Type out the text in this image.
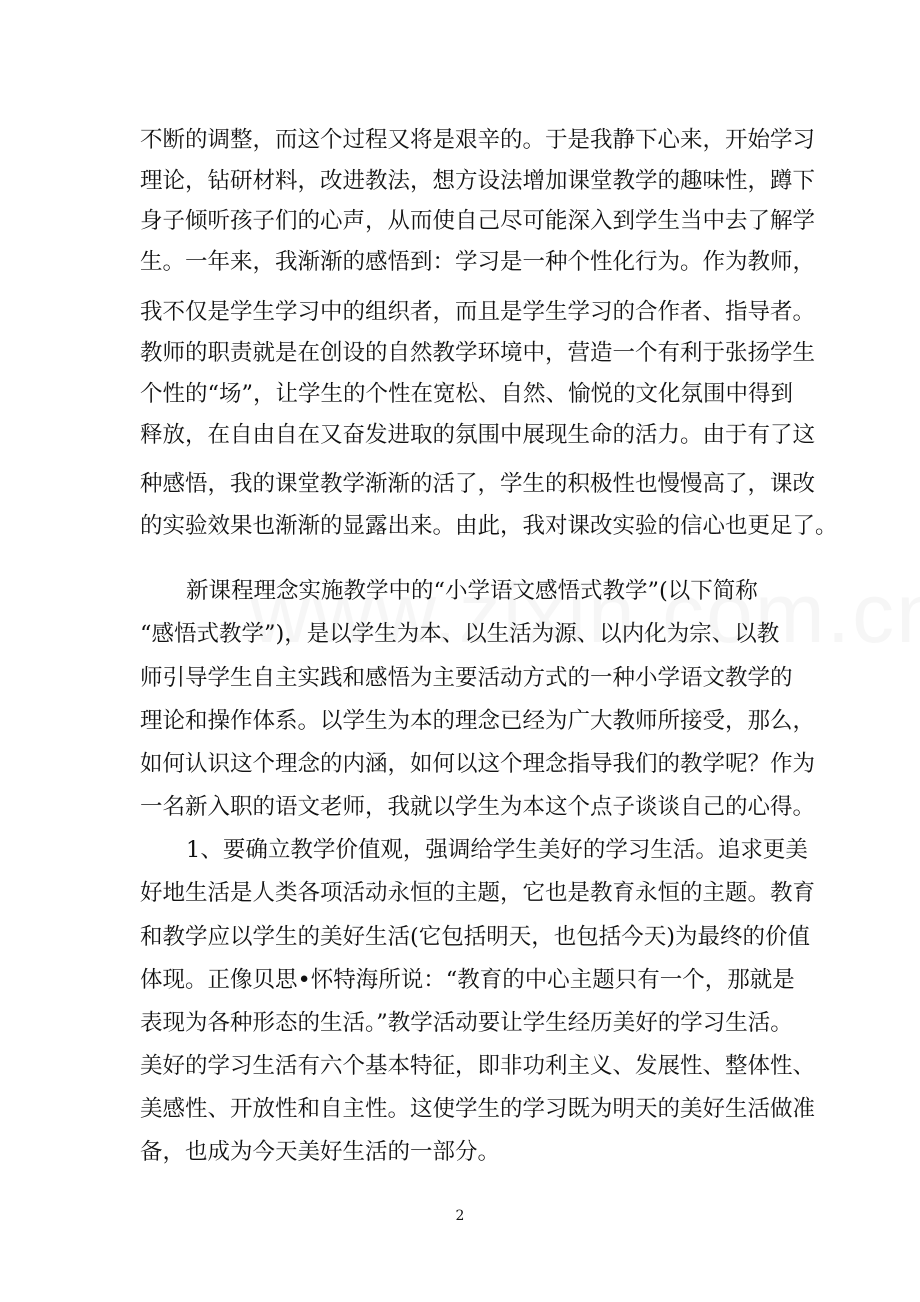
不断的调整，而这个过程又将是艰辛的。于是我静下心来，开始学习
理论，钻研材料，改进教法，想方设法增加课堂教学的趣味性，蹲下
身子倾听孩子们的心声，从而使自己尽可能深入到学生当中去了解学
生。一年来，我渐渐的感悟到：学习是一种个性化行为。作为教师，
我不仅是学生学习中的组织者，而且是学生学习的合作者、指导者。
教师的职责就是在创设的自然教学环境中，营造一个有利于张扬学生
个性的“场”，让学生的个性在宽松、自然、愉悦的文化氛围中得到
释放，在自由自在又奋发进取的氛围中展现生命的活力。由于有了这
种感悟，我的课堂教学渐渐的活了，学生的积极性也慢慢高了，课改
的实验效果也渐渐的显露出来。由此，我对课改实验的信心也更足了。
新课程理念实施教学中的“小学语文感悟式教学”(以下简称
“感悟式教学”)，是以学生为本、以生活为源、以内化为宗、以教
师引导学生自主实践和感悟为主要活动方式的一种小学语文教学的
理论和操作体系。以学生为本的理念已经为广大教师所接受，那么，
如何认识这个理念的内涵，如何以这个理念指导我们的教学呢？作为
一名新入职的语文老师，我就以学生为本这个点子谈谈自己的心得。
1、要确立教学价值观，强调给学生美好的学习生活。追求更美
好地生活是人类各项活动永恒的主题，它也是教育永恒的主题。教育
和教学应以学生的美好生活(它包括明天，也包括今天)为最终的价值
体现。正像贝思•怀特海所说：“教育的中心主题只有一个，那就是
表现为各种形态的生活。”教学活动要让学生经历美好的学习生活。
美好的学习生活有六个基本特征，即非功利主义、发展性、整体性、
美感性、开放性和自主性。这使学生的学习既为明天的美好生活做准
备，也成为今天美好生活的一部分。
2
